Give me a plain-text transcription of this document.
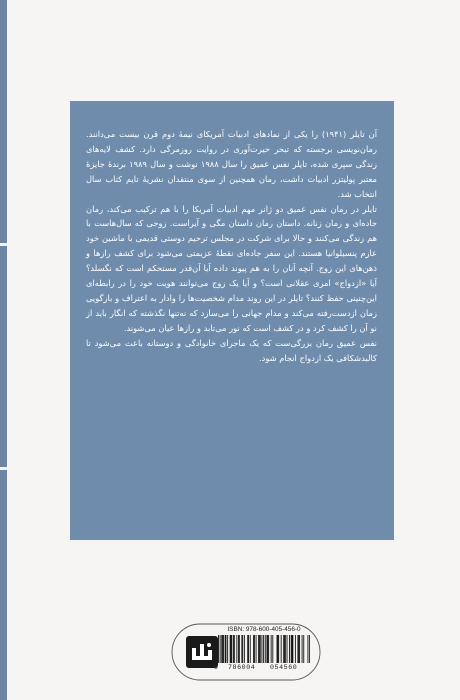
آن تایلر (۱۹۴۱) را یکی از نمادهای ادبیات آمریکای نیمهٔ دوم قرن بیست می‌دانند. رمان‌نویسی برجسته که تبحر حیرت‌آوری در روایت روزمرگی دارد. کشف لایه‌های زندگی سپری شده، تایلر نفس عمیق را سال ۱۹۸۸ نوشت و سال ۱۹۸۹ برندهٔ جایزهٔ معتبر پولیتزر ادبیات داشت، رمان همچنین از سوی منتقدان نشریهٔ تایم کتاب سال انتخاب شد.

تایلر در رمان نفس عمیق دو ژانر مهم ادبیات آمریکا را با هم ترکیب می‌کند، رمان جاده‌ای و رمان زنانه. داستان رمان داستان مگی و آیراست. زوجی که سال‌هاست با هم زندگی می‌کنند و حالا برای شرکت در مجلس ترحیم دوستی قدیمی با ماشین خود عازم پنسیلوانیا هستند. این سفر جاده‌ای نقطهٔ عزیمتی می‌شود برای کشف رازها و ذهن‌های این زوج. آنچه آنان را به هم پیوند داده آیا آن‌قدر مستحکم است که نگسلد؟ آیا «ازدواج» امری عقلانی است؟ و آیا یک زوج می‌توانند هویت خود را در رابطه‌ای این‌چنینی حفظ کنند؟ تایلر در این روند مدام شخصیت‌ها را وادار به اعتراف و بازگویی زمان ازدست‌رفته می‌کند و مدام جهانی را می‌سازد که نه‌تنها نگذشته که انگار باید از نو آن را کشف کرد و در کشف است که نور می‌تابد و رازها عیان می‌شوند.

نفس عمیق رمان بزرگی‌ست که یک ماجرای خانوادگی و دوستانه باعث می‌شود تا کالبدشکافی یک ازدواج انجام شود.

ISBN: 978-600-405-456-0
9 786004 054560
